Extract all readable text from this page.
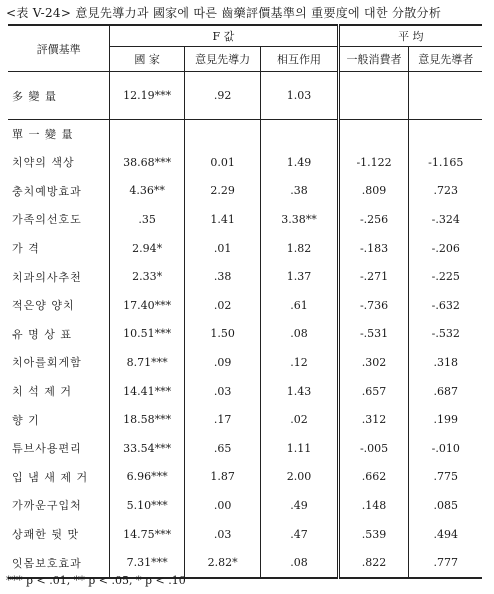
<表 V-24> 意見先導力과 國家에 따른 齒藥評價基準의 重要度에 대한 分散分析
評價基準	F 값			平 均	
	國 家	意見先導力	相互作用	一般消費者	意見先導者
多 變 量	12.19***	.92	1.03		
單 一 變 量					
치약의 색상	38.68***	0.01	1.49	-1.122	-1.165
충치예방효과	4.36**	2.29	.38	.809	.723
가족의선호도	.35	1.41	3.38**	-.256	-.324
가 격	2.94*	.01	1.82	-.183	-.206
치과의사추천	2.33*	.38	1.37	-.271	-.225
적은양 양치	17.40***	.02	.61	-.736	-.632
유 명 상 표	10.51***	1.50	.08	-.531	-.532
치아를회게함	8.71***	.09	.12	.302	.318
치 석 제 거	14.41***	.03	1.43	.657	.687
향 기	18.58***	.17	.02	.312	.199
튜브사용편리	33.54***	.65	1.11	-.005	-.010
입 냄 새 제 거	6.96***	1.87	2.00	.662	.775
가까운구입처	5.10***	.00	.49	.148	.085
상쾌한 뒷 맛	14.75***	.03	.47	.539	.494
잇몸보호효과	7.31***	2.82*	.08	.822	.777
*** p < .01, ** p < .05, * p < .10
